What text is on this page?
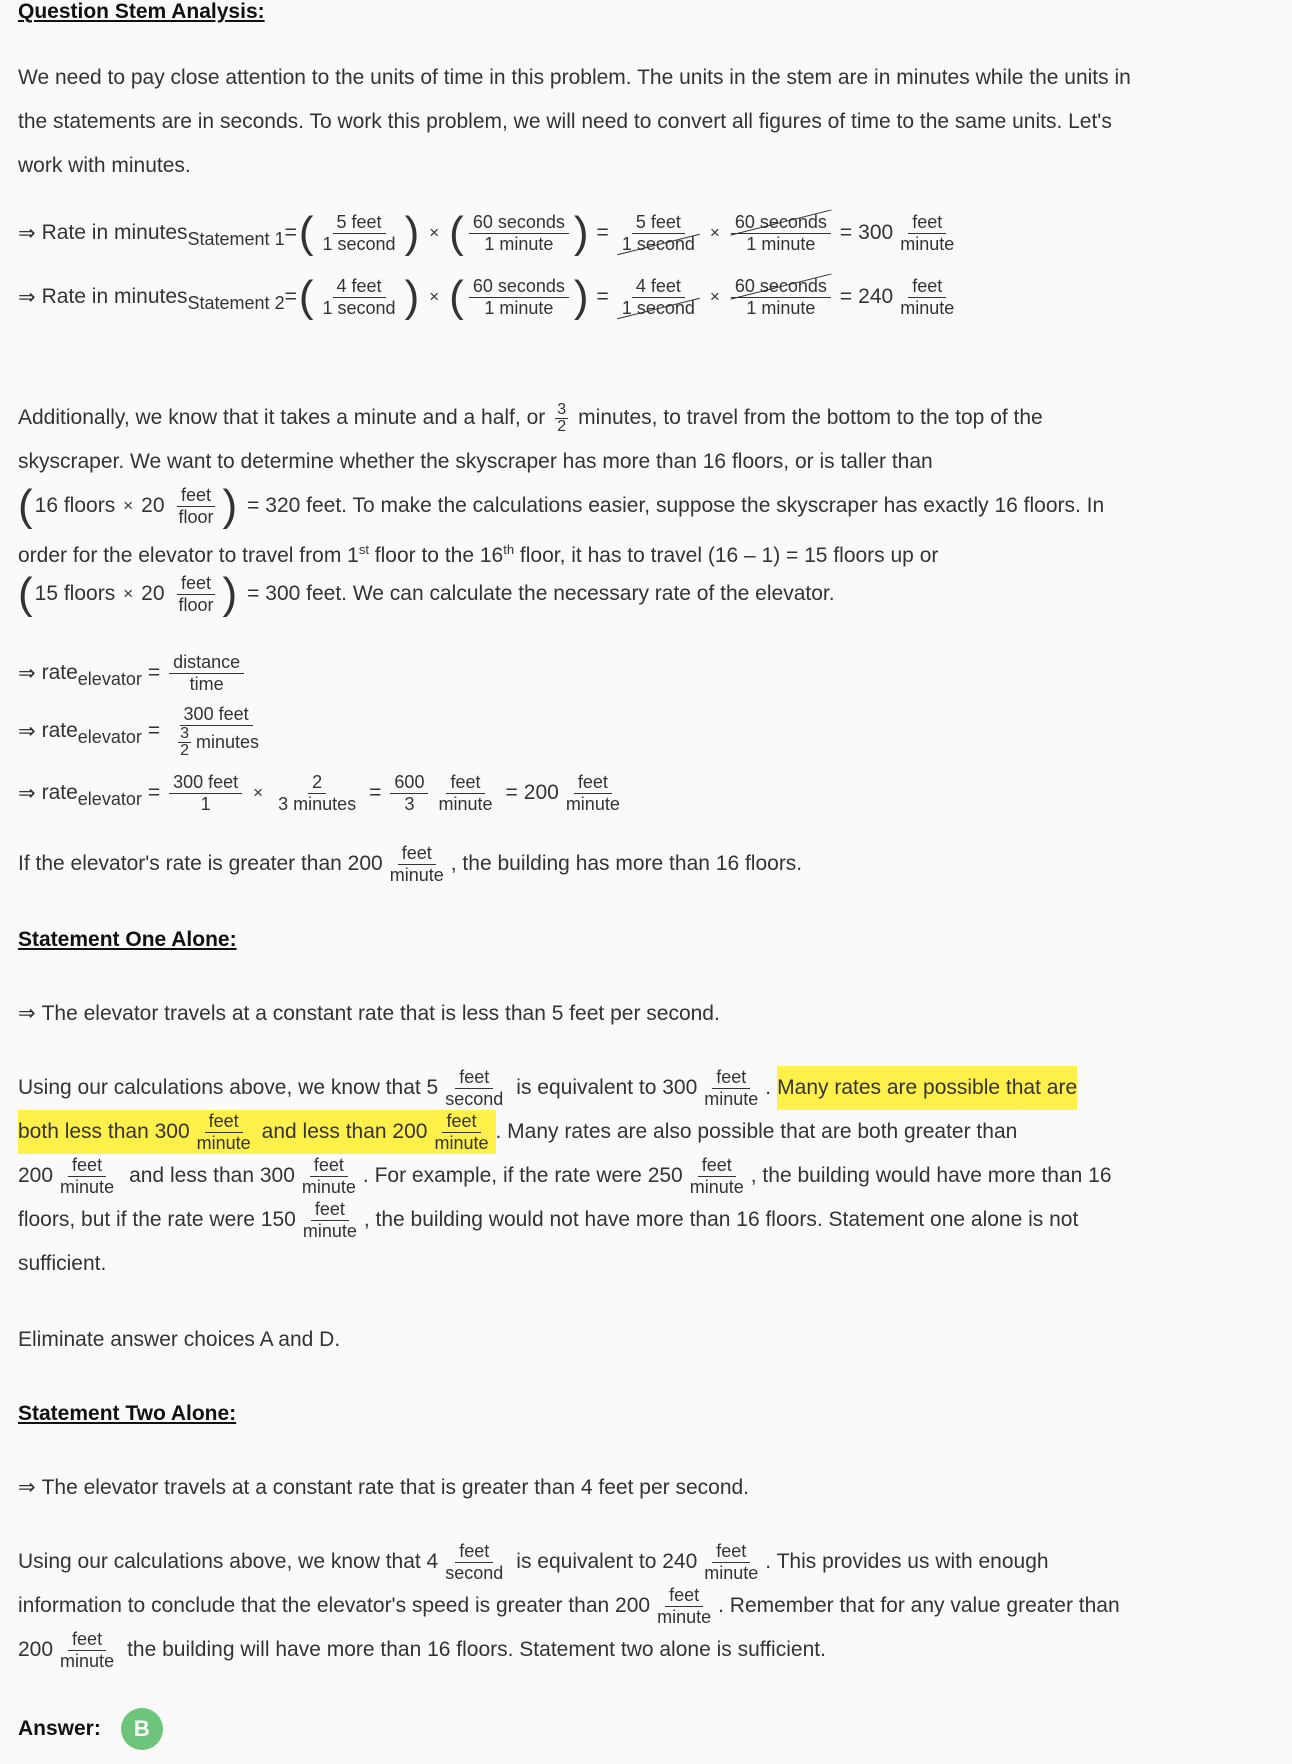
Question Stem Analysis:
We need to pay close attention to the units of time in this problem. The units in the stem are in minutes while the units in
the statements are in seconds. To work this problem, we will need to convert all figures of time to the same units. Let's
work with minutes.
⇒ Rate in minutes Statement 1 = ( $\frac{\text{5 feet}}{\text{1 second}}$ ) × ( $\frac{\text{60 seconds}}{\text{1 minute}}$ ) = $\frac{\text{5 feet}}{\text{1 second}} \times \frac{\text{60 seconds}}{\text{1 minute}} = 300 \frac{\text{feet}}{\text{minute}}$
⇒ Rate in minutes Statement 2 = ( $\frac{\text{4 feet}}{\text{1 second}}$ ) × ( $\frac{\text{60 seconds}}{\text{1 minute}}$ ) = $\frac{\text{4 feet}}{\text{1 second}} \times \frac{\text{60 seconds}}{\text{1 minute}} = 240 \frac{\text{feet}}{\text{minute}}$
Additionally, we know that it takes a minute and a half, or $\frac{3}{2}$ minutes, to travel from the bottom to the top of the
skyscraper. We want to determine whether the skyscraper has more than 16 floors, or is taller than
( 16 floors × $20 \frac{\text{feet}}{\text{floor}}$ ) = 320 feet. To make the calculations easier, suppose the skyscraper has exactly 16 floors. In
order for the elevator to travel from 1st floor to the 16th floor, it has to travel (16 – 1) = 15 floors up or
( 15 floors × $20 \frac{\text{feet}}{\text{floor}}$ ) = 300 feet. We can calculate the necessary rate of the elevator.
⇒ rate elevator = $\frac{\text{distance}}{\text{time}}$
⇒ rate elevator = $\frac{\text{300 feet}}{\frac{3}{2} minutes}$
⇒ rate elevator = $\frac{\text{300 feet}}{1} \times \frac{2}{\text{3 minutes}} = \frac{600}{3} \frac{\text{feet}}{\text{minute}} = 200 \frac{\text{feet}}{\text{minute}}$
If the elevator's rate is greater than $200 \frac{\text{feet}}{\text{minute}}$ , the building has more than 16 floors.
Statement One Alone:
⇒ The elevator travels at a constant rate that is less than 5 feet per second.
Using our calculations above, we know that $5 \frac{\text{feet}}{\text{second}}$ is equivalent to $300 \frac{\text{feet}}{\text{minute}}$ . Many rates are possible that are
both less than $300 \frac{\text{feet}}{\text{minute}}$ and less than $200 \frac{\text{feet}}{\text{minute}}$ . Many rates are also possible that are both greater than
$200 \frac{\text{feet}}{\text{minute}}$ and less than $300 \frac{\text{feet}}{\text{minute}}$ . For example, if the rate were $250 \frac{\text{feet}}{\text{minute}}$ , the building would have more than 16
floors, but if the rate were $150 \frac{\text{feet}}{\text{minute}}$ , the building would not have more than 16 floors. Statement one alone is not
sufficient.
Eliminate answer choices A and D.
Statement Two Alone:
⇒ The elevator travels at a constant rate that is greater than 4 feet per second.
Using our calculations above, we know that $4 \frac{\text{feet}}{\text{second}}$ is equivalent to $240 \frac{\text{feet}}{\text{minute}}$ . This provides us with enough
information to conclude that the elevator's speed is greater than $200 \frac{\text{feet}}{\text{minute}}$ . Remember that for any value greater than
$200 \frac{\text{feet}}{\text{minute}}$ the building will have more than 16 floors. Statement two alone is sufficient.
Answer:	B
